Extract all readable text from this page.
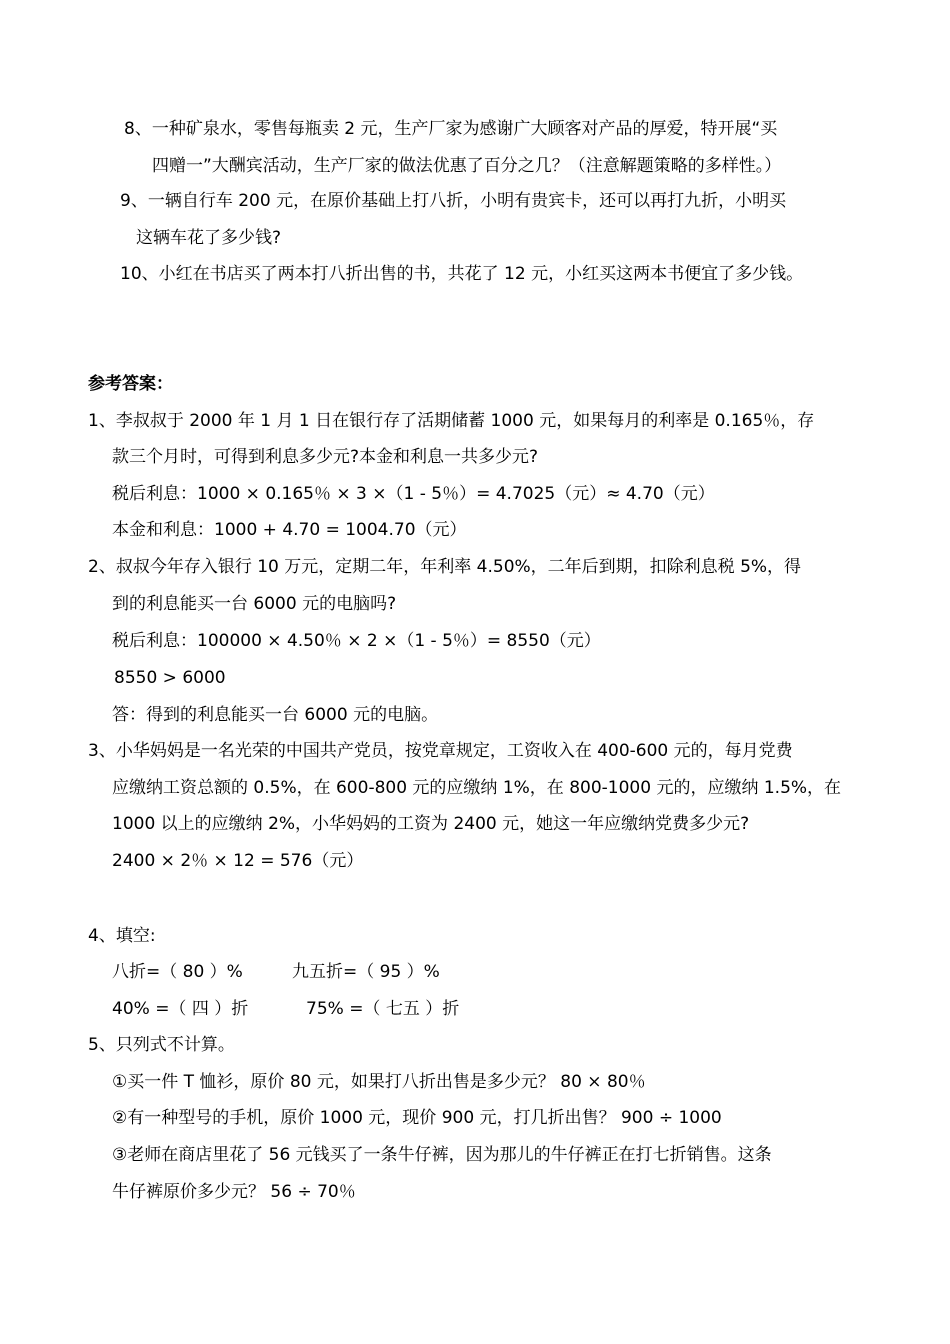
8、一种矿泉水，零售每瓶卖 2 元，生产厂家为感谢广大顾客对产品的厚爱，特开展“买
四赠一”大酬宾活动，生产厂家的做法优惠了百分之几？（注意解题策略的多样性。）
9、一辆自行车 200 元，在原价基础上打八折，小明有贵宾卡，还可以再打九折，小明买
这辆车花了多少钱?
10、小红在书店买了两本打八折出售的书，共花了 12 元，小红买这两本书便宜了多少钱。
参考答案：
1、李叔叔于 2000 年 1 月 1 日在银行存了活期储蓄 1000 元，如果每月的利率是 0.165％，存
款三个月时，可得到利息多少元?本金和利息一共多少元?
税后利息：1000 × 0.165％ × 3 ×（1 - 5％）= 4.7025（元）≈ 4.70（元）
本金和利息：1000 + 4.70 = 1004.70（元）
2、叔叔今年存入银行 10 万元，定期二年，年利率 4.50%，二年后到期，扣除利息税 5%，得
到的利息能买一台 6000 元的电脑吗?
税后利息：100000 × 4.50％ × 2 ×（1 - 5％）= 8550（元）
8550 > 6000
答：得到的利息能买一台 6000 元的电脑。
3、小华妈妈是一名光荣的中国共产党员，按党章规定，工资收入在 400-600 元的，每月党费
应缴纳工资总额的 0.5%，在 600-800 元的应缴纳 1%，在 800-1000 元的，应缴纳 1.5%，在
1000 以上的应缴纳 2%，小华妈妈的工资为 2400 元，她这一年应缴纳党费多少元?
2400 × 2％ × 12 = 576（元）
4、填空:
八折=（ 80 ）%	九五折=（ 95 ）%
40% =（ 四 ）折	75% =（ 七五 ）折
5、只列式不计算。
①买一件 T 恤衫，原价 80 元，如果打八折出售是多少元？ 80 × 80％
②有一种型号的手机，原价 1000 元，现价 900 元，打几折出售？ 900 ÷ 1000
③老师在商店里花了 56 元钱买了一条牛仔裤，因为那儿的牛仔裤正在打七折销售。这条
牛仔裤原价多少元？ 56 ÷ 70％
